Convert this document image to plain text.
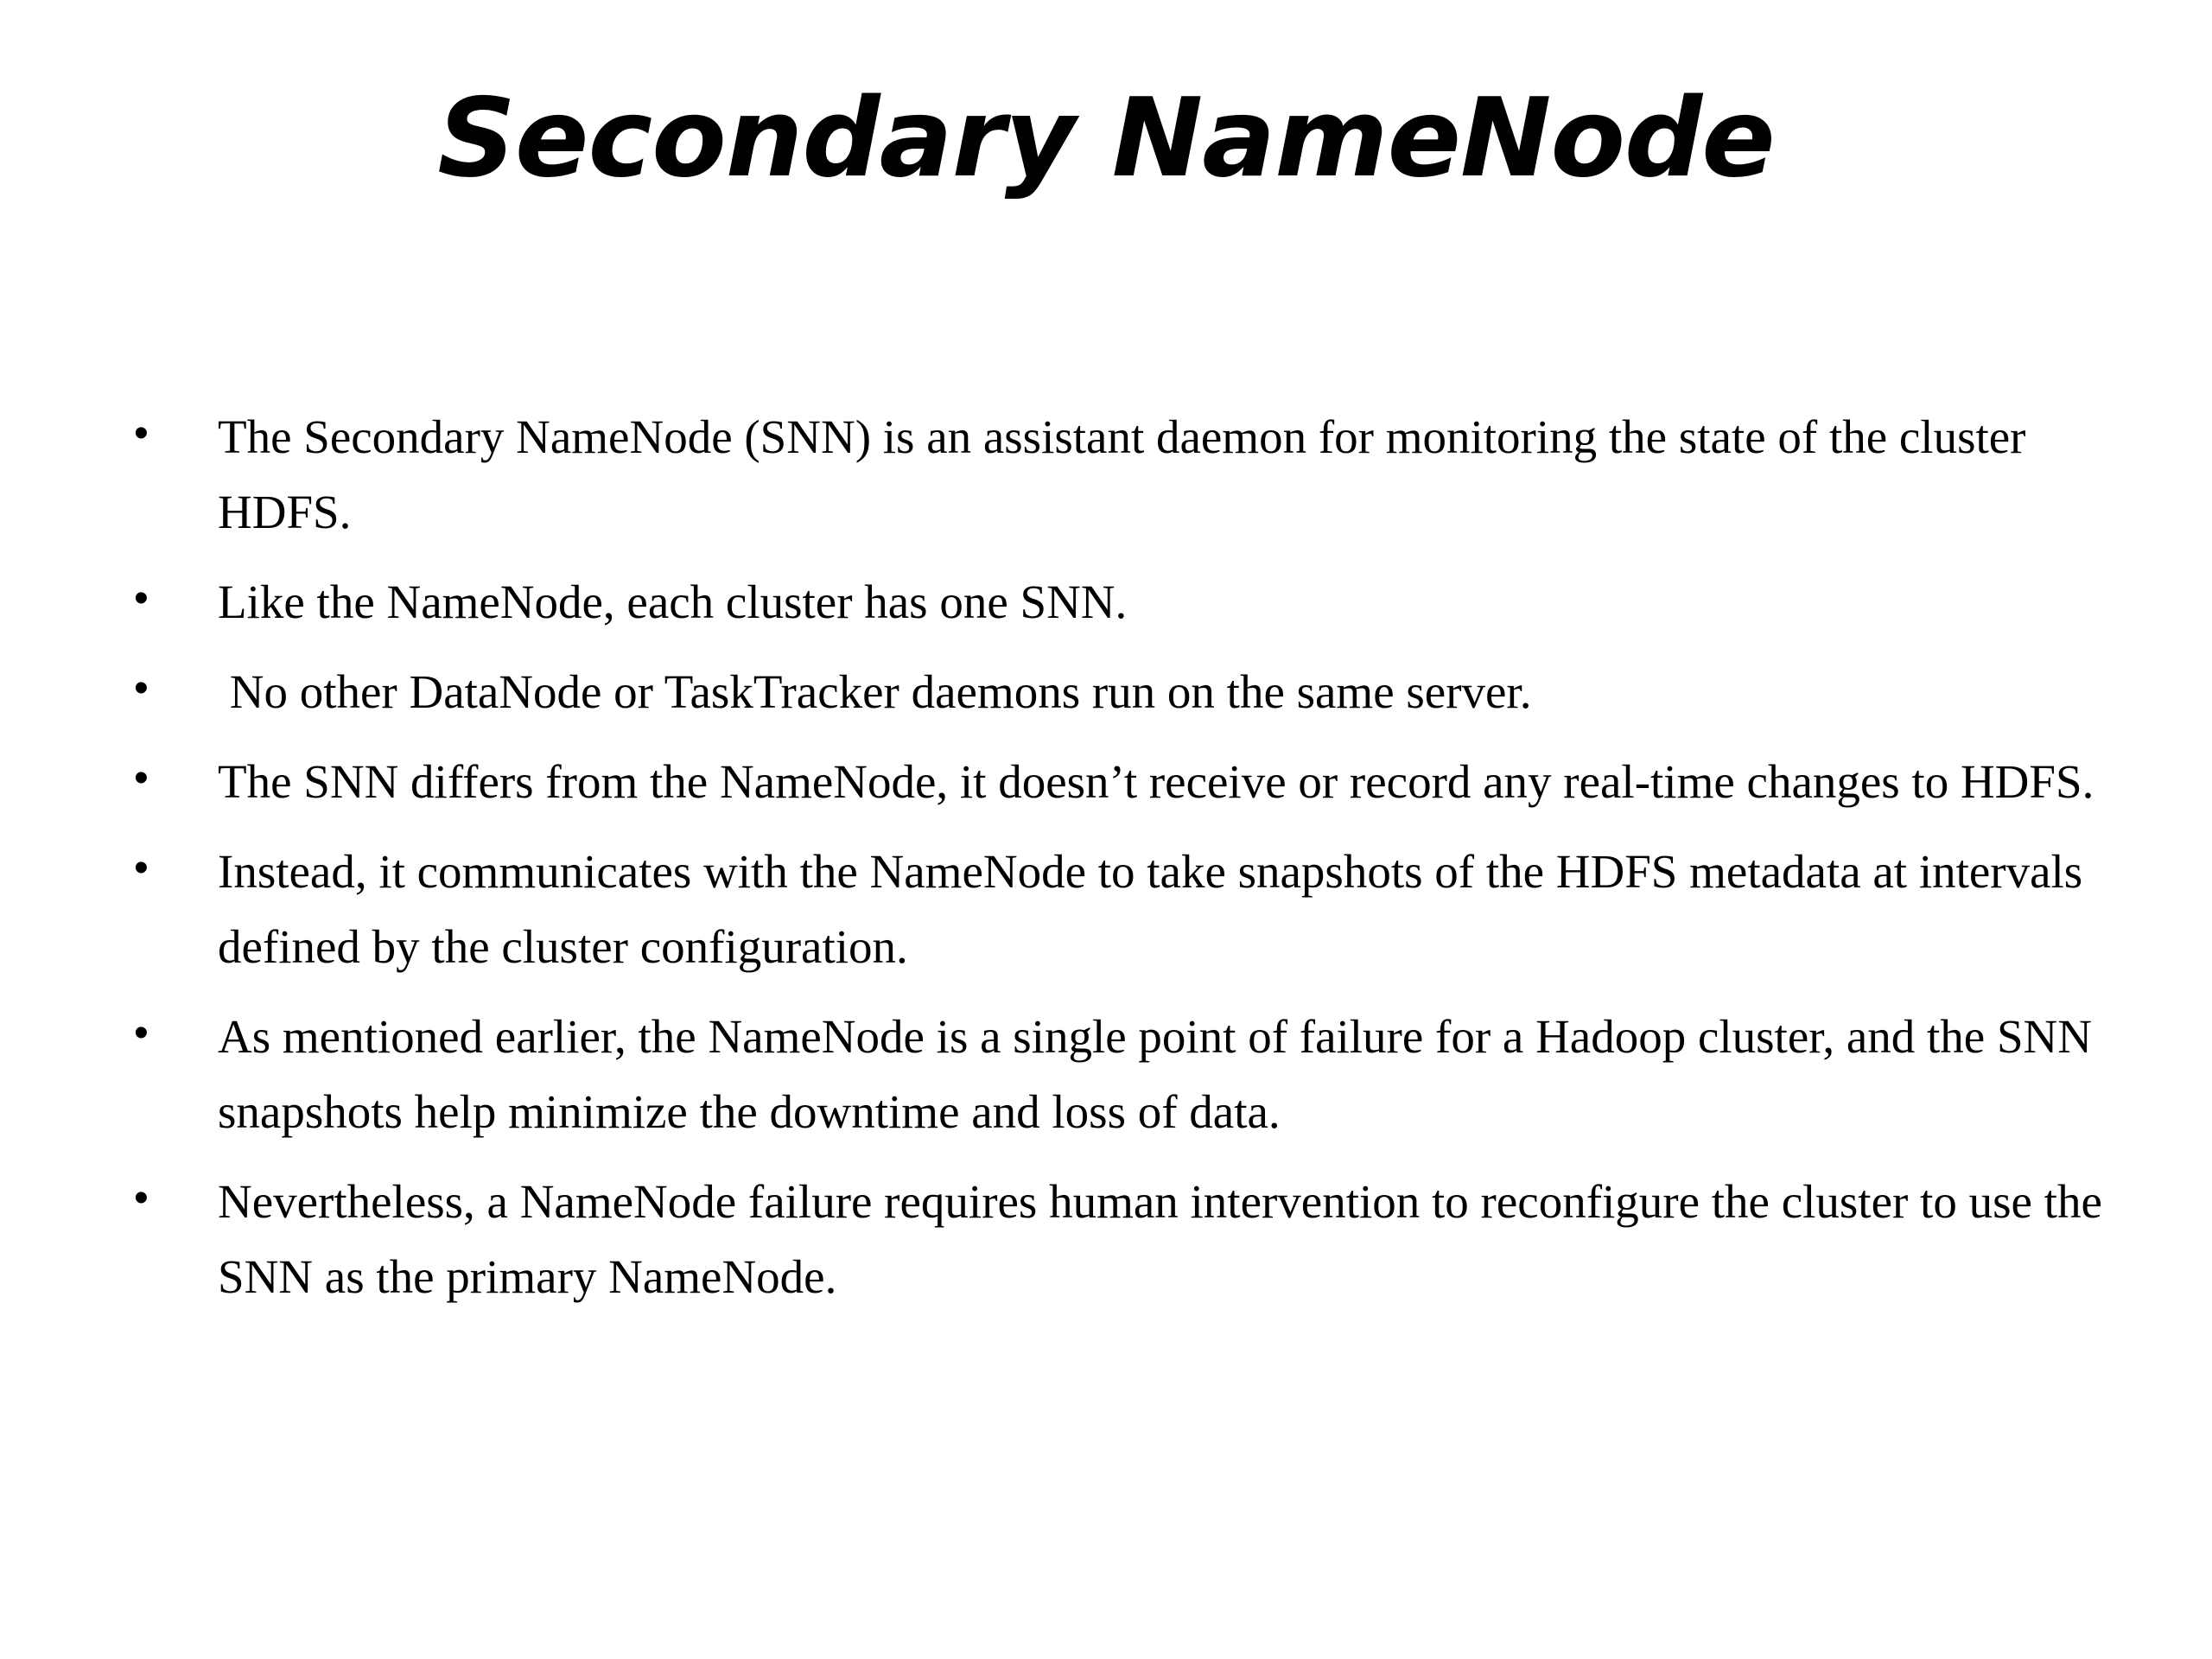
Secondary NameNode
• The Secondary NameNode (SNN) is an assistant daemon for monitoring the state of the cluster HDFS.
• Like the NameNode, each cluster has one SNN.
• No other DataNode or TaskTracker daemons run on the same server.
• The SNN differs from the NameNode, it doesn’t receive or record any real-time changes to HDFS.
• Instead, it communicates with the NameNode to take snapshots of the HDFS metadata at intervals defined by the cluster configuration.
• As mentioned earlier, the NameNode is a single point of failure for a Hadoop cluster, and the SNN snapshots help minimize the downtime and loss of data.
• Nevertheless, a NameNode failure requires human intervention to reconfigure the cluster to use the SNN as the primary NameNode.
